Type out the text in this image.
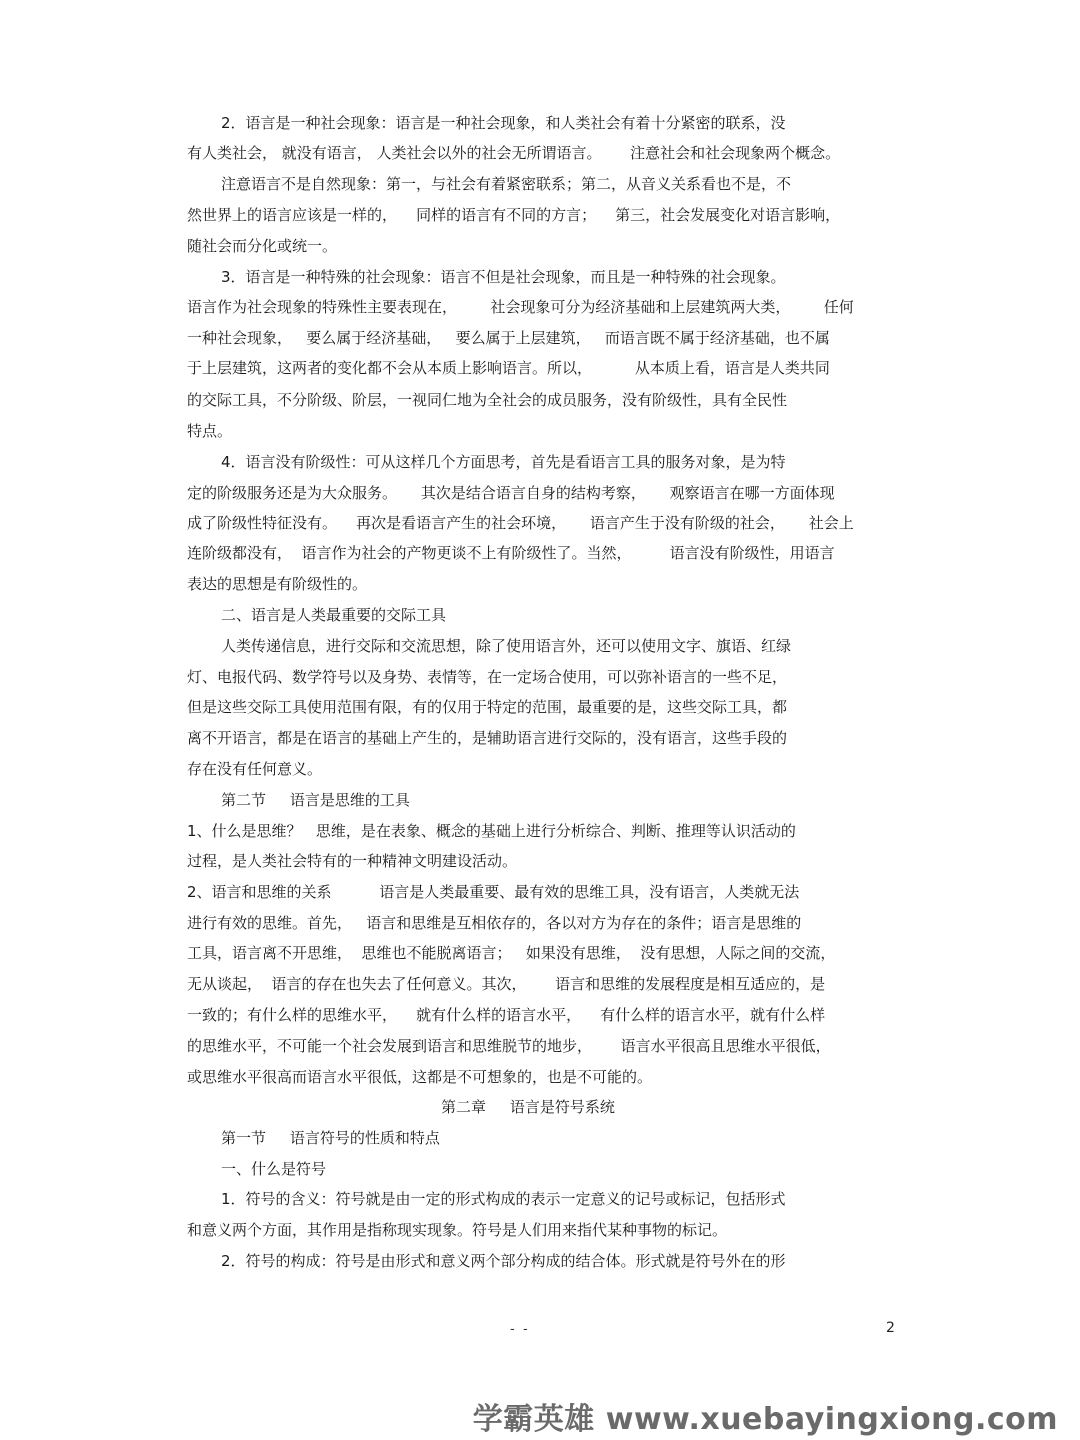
2．语言是一种社会现象：语言是一种社会现象，和人类社会有着十分紧密的联系，没
有人类社会， 就没有语言， 人类社会以外的社会无所谓语言。      注意社会和社会现象两个概念。
注意语言不是自然现象：第一，与社会有着紧密联系；第二，从音义关系看也不是，不
然世界上的语言应该是一样的，    同样的语言有不同的方言；    第三，社会发展变化对语言影响，
随社会而分化或统一。
3．语言是一种特殊的社会现象：语言不但是社会现象，而且是一种特殊的社会现象。
语言作为社会现象的特殊性主要表现在，       社会现象可分为经济基础和上层建筑两大类，       任何
一种社会现象，   要么属于经济基础，   要么属于上层建筑，   而语言既不属于经济基础，也不属
于上层建筑，这两者的变化都不会从本质上影响语言。所以，         从本质上看，语言是人类共同
的交际工具，不分阶级、阶层，一视同仁地为全社会的成员服务，没有阶级性，具有全民性
特点。
4．语言没有阶级性：可从这样几个方面思考，首先是看语言工具的服务对象，是为特
定的阶级服务还是为大众服务。     其次是结合语言自身的结构考察，     观察语言在哪一方面体现
成了阶级性特征没有。    再次是看语言产生的社会环境，     语言产生于没有阶级的社会，     社会上
连阶级都没有，  语言作为社会的产物更谈不上有阶级性了。当然，        语言没有阶级性，用语言
表达的思想是有阶级性的。
二、语言是人类最重要的交际工具
人类传递信息，进行交际和交流思想，除了使用语言外，还可以使用文字、旗语、红绿
灯、电报代码、数学符号以及身势、表情等，在一定场合使用，可以弥补语言的一些不足，
但是这些交际工具使用范围有限，有的仅用于特定的范围，最重要的是，这些交际工具，都
离不开语言，都是在语言的基础上产生的，是辅助语言进行交际的，没有语言，这些手段的
存在没有任何意义。
第二节     语言是思维的工具
1、什么是思维？   思维，是在表象、概念的基础上进行分析综合、判断、推理等认识活动的
过程，是人类社会特有的一种精神文明建设活动。
2、语言和思维的关系          语言是人类最重要、最有效的思维工具，没有语言，人类就无法
进行有效的思维。首先，   语言和思维是互相依存的，各以对方为存在的条件；语言是思维的
工具，语言离不开思维，  思维也不能脱离语言；   如果没有思维，  没有思想，人际之间的交流，
无从谈起，  语言的存在也失去了任何意义。其次，      语言和思维的发展程度是相互适应的，是
一致的；有什么样的思维水平，    就有什么样的语言水平，    有什么样的语言水平，就有什么样
的思维水平，不可能一个社会发展到语言和思维脱节的地步，      语言水平很高且思维水平很低，
或思维水平很高而语言水平很低，这都是不可想象的，也是不可能的。
第二章     语言是符号系统
第一节     语言符号的性质和特点
一、什么是符号
1．符号的含义：符号就是由一定的形式构成的表示一定意义的记号或标记，包括形式
和意义两个方面，其作用是指称现实现象。符号是人们用来指代某种事物的标记。
2．符号的构成：符号是由形式和意义两个部分构成的结合体。形式就是符号外在的形
-  -	2
学霸英雄 www.xuebayingxiong.com
